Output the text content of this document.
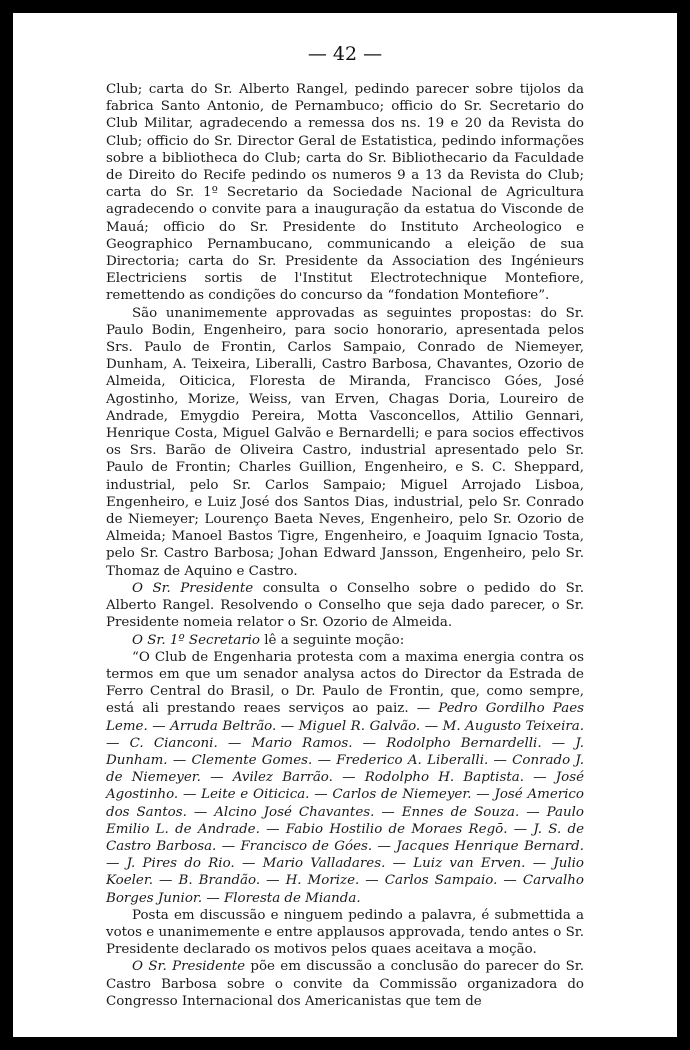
— 42 —

Club; carta do Sr. Alberto Rangel, pedindo parecer sobre tijolos da fabrica Santo Antonio, de Pernambuco; officio do Sr. Secretario do Club Militar, agradecendo a remessa dos ns. 19 e 20 da Revista do Club; officio do Sr. Director Geral de Estatistica, pedindo informações sobre a bibliotheca do Club; carta do Sr. Bibliothecario da Faculdade de Direito do Recife pedindo os numeros 9 a 13 da Revista do Club; carta do Sr. 1º Secretario da Sociedade Nacional de Agricultura agradecendo o convite para a inauguração da estatua do Visconde de Mauá; officio do Sr. Presidente do Instituto Archeologico e Geographico Pernambucano, communicando a eleição de sua Directoria; carta do Sr. Presidente da Association des Ingénieurs Electriciens sortis de l'Institut Electrotechnique Montefiore, remettendo as condições do concurso da “fondation Montefiore”.

São unanimemente approvadas as seguintes propostas: do Sr. Paulo Bodin, Engenheiro, para socio honorario, apresentada pelos Srs. Paulo de Frontin, Carlos Sampaio, Conrado de Niemeyer, Dunham, A. Teixeira, Liberalli, Castro Barbosa, Chavantes, Ozorio de Almeida, Oiticica, Floresta de Miranda, Francisco Góes, José Agostinho, Morize, Weiss, van Erven, Chagas Doria, Loureiro de Andrade, Emygdio Pereira, Motta Vasconcellos, Attilio Gennari, Henrique Costa, Miguel Galvão e Bernardelli; e para socios effectivos os Srs. Barão de Oliveira Castro, industrial apresentado pelo Sr. Paulo de Frontin; Charles Guillion, Engenheiro, e S. C. Sheppard, industrial, pelo Sr. Carlos Sampaio; Miguel Arrojado Lisboa, Engenheiro, e Luiz José dos Santos Dias, industrial, pelo Sr. Conrado de Niemeyer; Lourenço Baeta Neves, Engenheiro, pelo Sr. Ozorio de Almeida; Manoel Bastos Tigre, Engenheiro, e Joaquim Ignacio Tosta, pelo Sr. Castro Barbosa; Johan Edward Jansson, Engenheiro, pelo Sr. Thomaz de Aquino e Castro.

O Sr. Presidente consulta o Conselho sobre o pedido do Sr. Alberto Rangel. Resolvendo o Conselho que seja dado parecer, o Sr. Presidente nomeia relator o Sr. Ozorio de Almeida.

O Sr. 1º Secretario lê a seguinte moção:

“O Club de Engenharia protesta com a maxima energia contra os termos em que um senador analysa actos do Director da Estrada de Ferro Central do Brasil, o Dr. Paulo de Frontin, que, como sempre, está ali prestando reaes serviços ao paiz. — Pedro Gordilho Paes Leme. — Arruda Beltrão. — Miguel R. Galvão. — M. Augusto Teixeira. — C. Cianconi. — Mario Ramos. — Rodolpho Bernardelli. — J. Dunham. — Clemente Gomes. — Frederico A. Liberalli. — Conrado J. de Niemeyer. — Avilez Barrão. — Rodolpho H. Baptista. — José Agostinho. — Leite e Oiticica. — Carlos de Niemeyer. — José Americo dos Santos. — Alcino José Chavantes. — Ennes de Souza. — Paulo Emilio L. de Andrade. — Fabio Hostilio de Moraes Regō. — J. S. de Castro Barbosa. — Francisco de Góes. — Jacques Henrique Bernard. — J. Pires do Rio. — Mario Valladares. — Luiz van Erven. — Julio Koeler. — B. Brandão. — H. Morize. — Carlos Sampaio. — Carvalho Borges Junior. — Floresta de Mianda.

Posta em discussão e ninguem pedindo a palavra, é submettida a votos e unanimemente e entre applausos approvada, tendo antes o Sr. Presidente declarado os motivos pelos quaes aceitava a moção.

O Sr. Presidente põe em discussão a conclusão do parecer do Sr. Castro Barbosa sobre o convite da Commissão organizadora do Congresso Internacional dos Americanistas que tem de
